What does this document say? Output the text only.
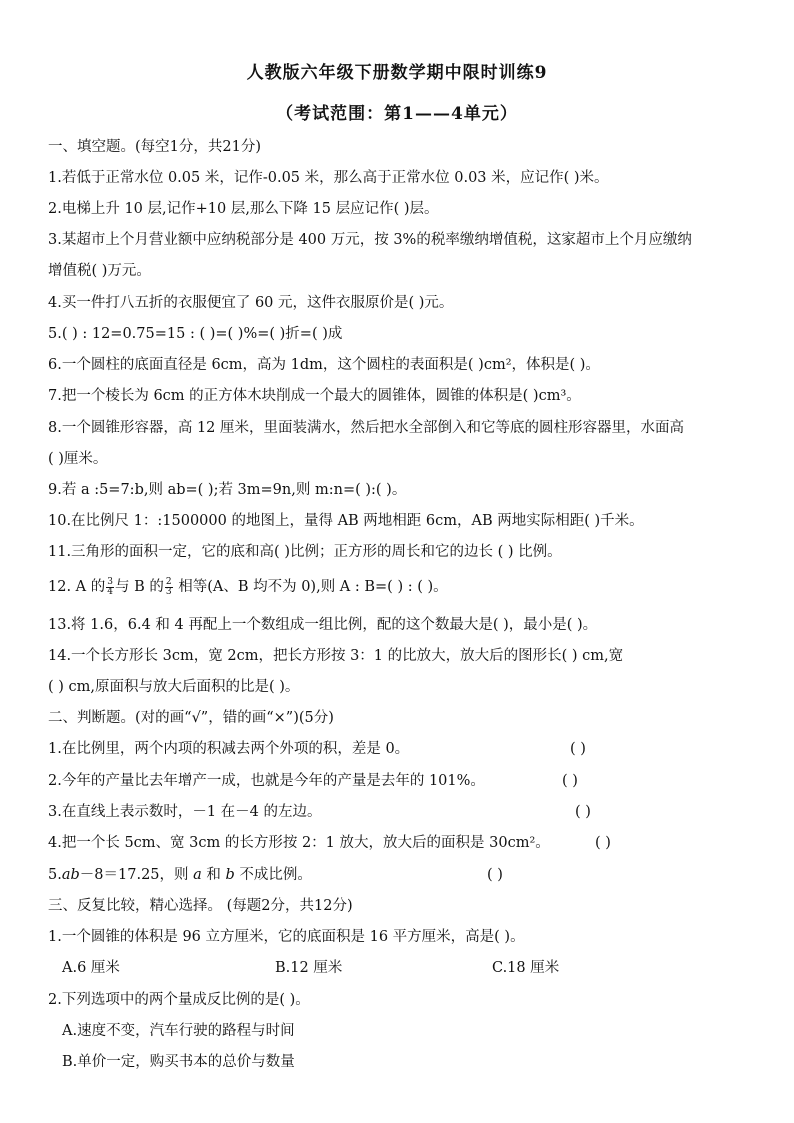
人教版六年级下册数学期中限时训练9
（考试范围：第1——4单元）
一、填空题。(每空1分，共21分)
1.若低于正常水位 0.05 米，记作-0.05 米，那么高于正常水位 0.03 米，应记作( )米。
2.电梯上升 10 层,记作+10 层,那么下降 15 层应记作( )层。
3.某超市上个月营业额中应纳税部分是 400 万元，按 3%的税率缴纳增值税，这家超市上个月应缴纳
增值税( )万元。
4.买一件打八五折的衣服便宜了 60 元，这件衣服原价是( )元。
5.( ) : 12=0.75=15 : ( )=( )%=( )折=( )成
6.一个圆柱的底面直径是 6cm，高为 1dm，这个圆柱的表面积是( )cm²，体积是( )。
7.把一个棱长为 6cm 的正方体木块削成一个最大的圆锥体，圆锥的体积是( )cm³。
8.一个圆锥形容器，高 12 厘米，里面装满水，然后把水全部倒入和它等底的圆柱形容器里，水面高
( )厘米。
9.若 a :5=7:b,则 ab=( );若 3m=9n,则 m:n=( ):( )。
10.在比例尺 1：:1500000 的地图上，量得 AB 两地相距 6cm，AB 两地实际相距( )千米。
11.三角形的面积一定，它的底和高( )比例；正方形的周长和它的边长 ( ) 比例。
12. A 的 $\frac{3}{4}$ 与 B 的 $\frac{2}{3}$ 相等(A、B 均不为 0),则 A : B=( ) : ( )。
13.将 1.6，6.4 和 4 再配上一个数组成一组比例，配的这个数最大是( )，最小是( )。
14.一个长方形长 3cm，宽 2cm，把长方形按 3：1 的比放大，放大后的图形长( ) cm,宽
( ) cm,原面积与放大后面积的比是( )。
二、判断题。(对的画“√”，错的画“×”)(5分)
1.在比例里，两个内项的积减去两个外项的积，差是 0。	( )
2.今年的产量比去年增产一成，也就是今年的产量是去年的 101%。	( )
3.在直线上表示数时，－1 在－4 的左边。	( )
4.把一个长 5cm、宽 3cm 的长方形按 2：1 放大，放大后的面积是 30cm²。	( )
5.ab－8＝17.25，则 a 和 b 不成比例。	( )
三、反复比较，精心选择。 (每题2分，共12分)
1.一个圆锥的体积是 96 立方厘米，它的底面积是 16 平方厘米，高是( )。
A.6 厘米	B.12 厘米	C.18 厘米
2.下列选项中的两个量成反比例的是( )。
A.速度不变，汽车行驶的路程与时间
B.单价一定，购买书本的总价与数量
